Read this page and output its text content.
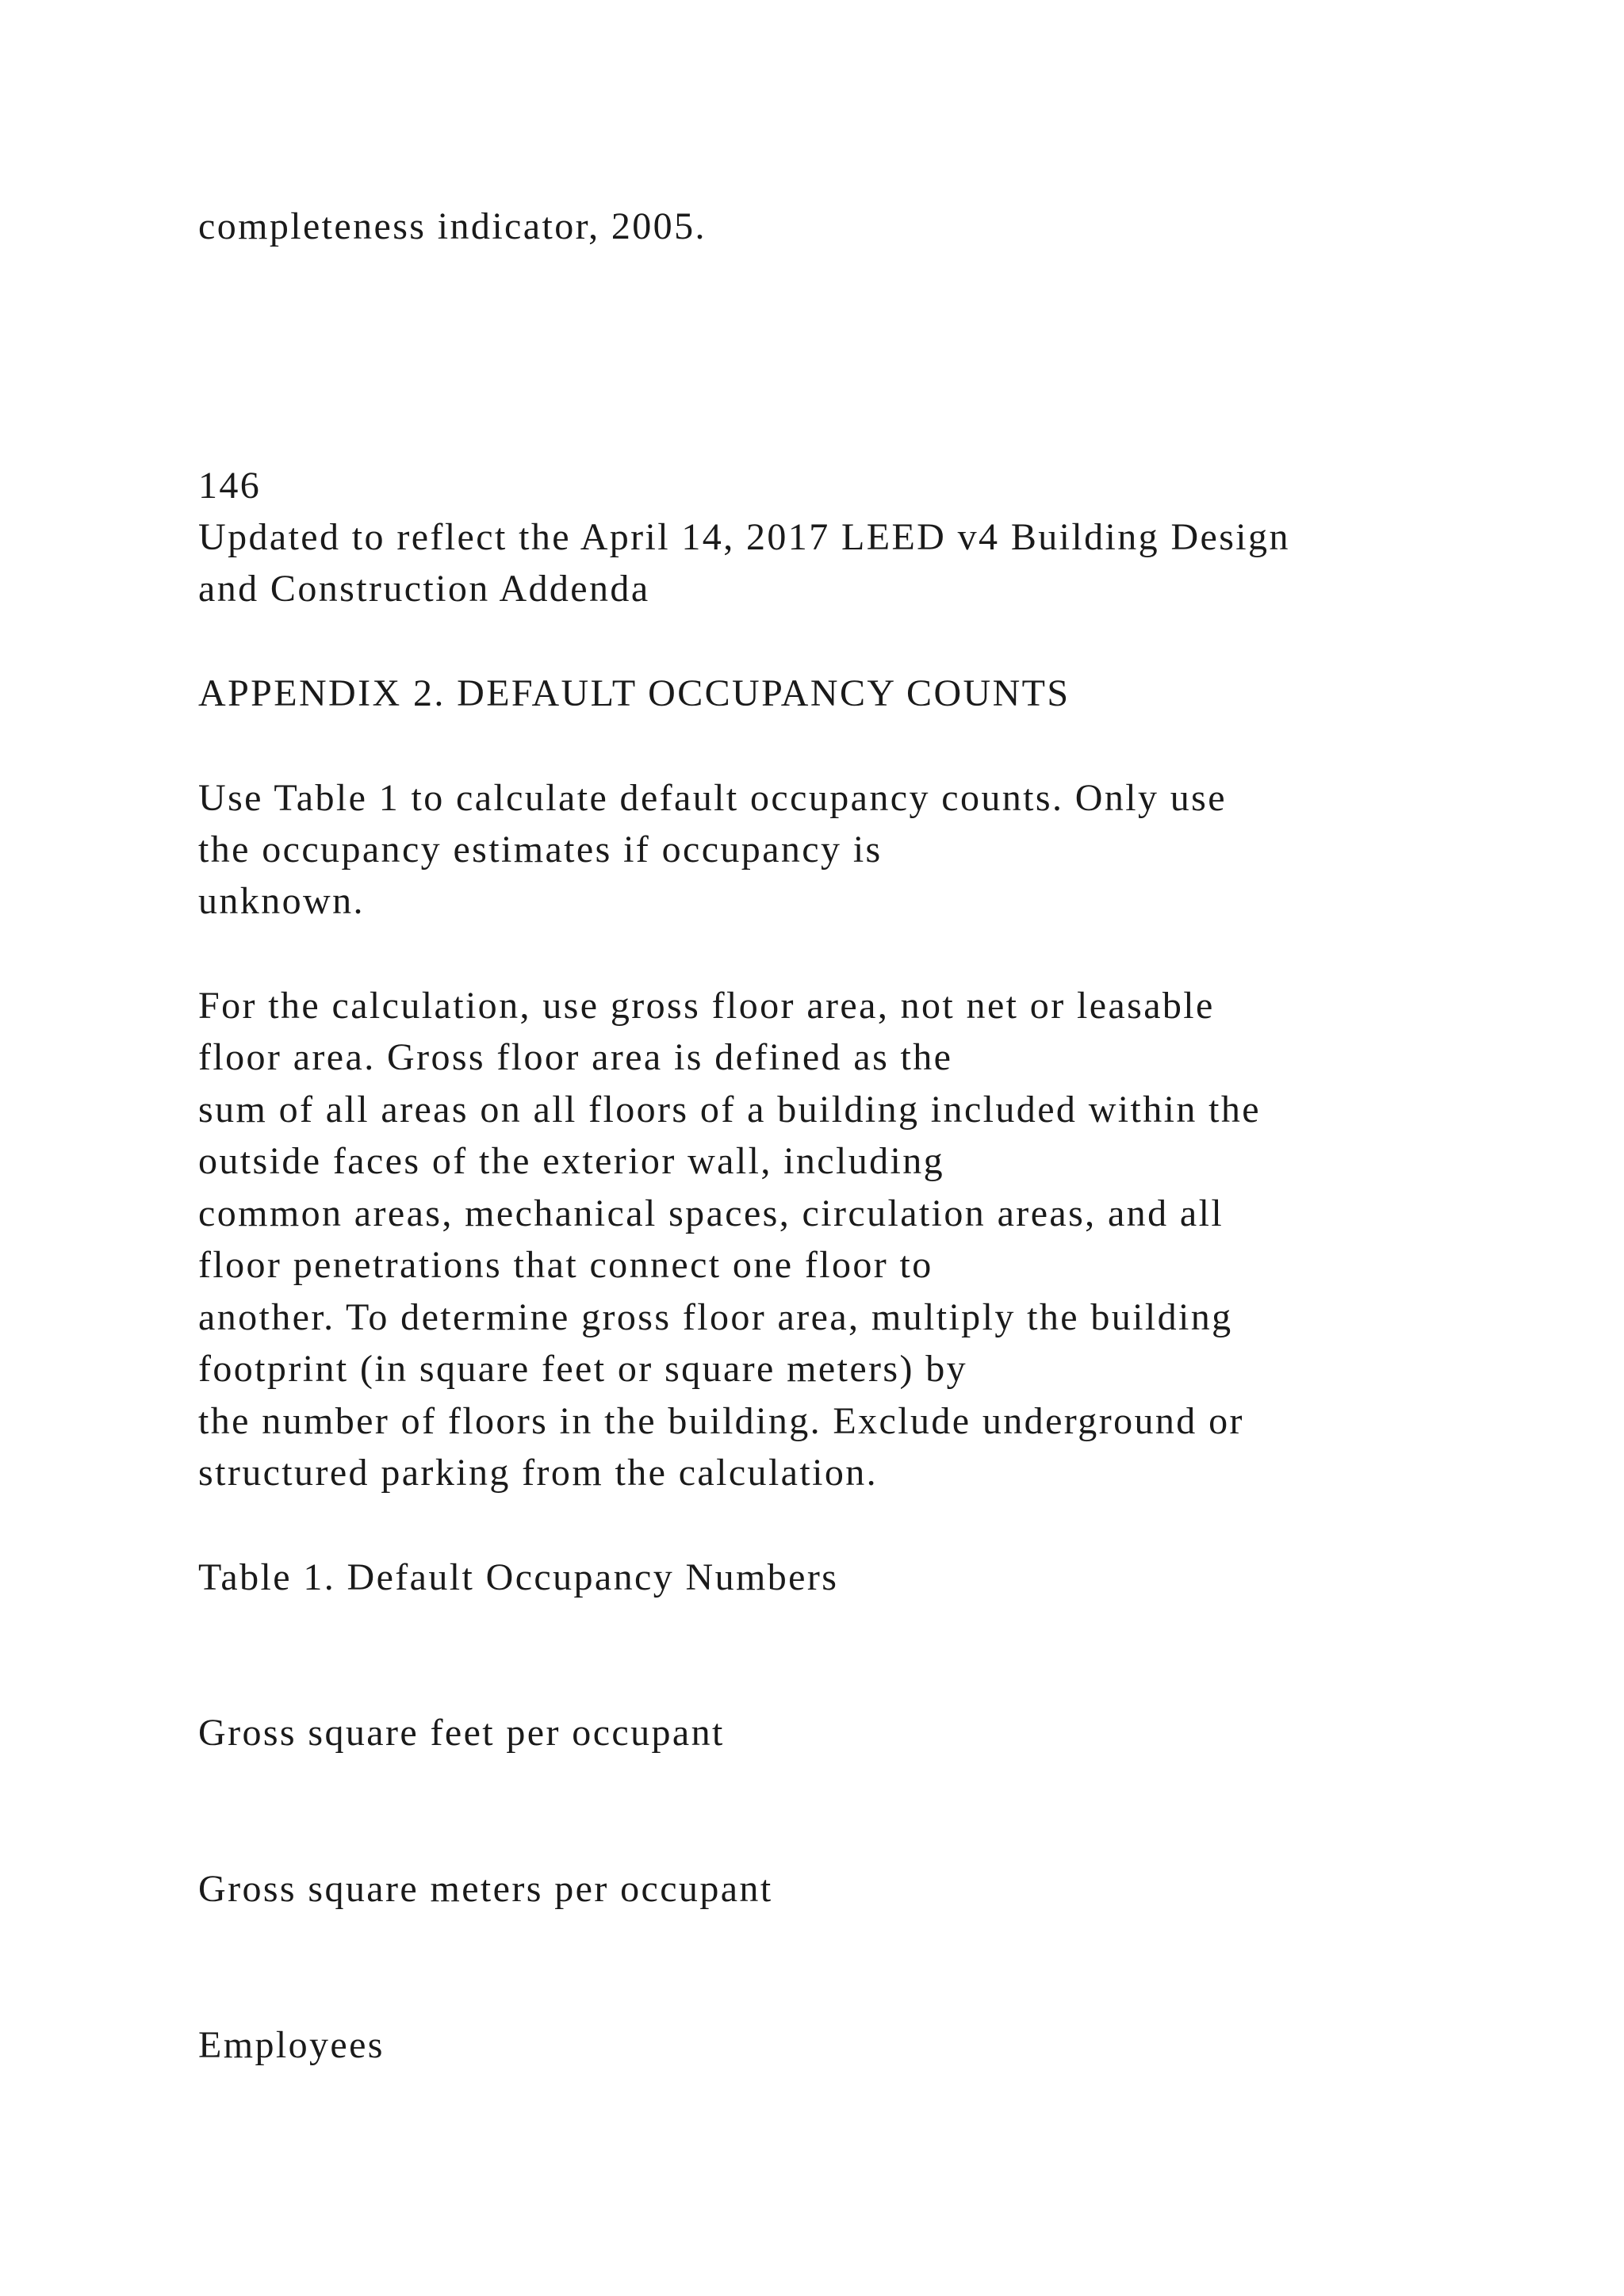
completeness indicator, 2005.

146

Updated to reflect the April 14, 2017 LEED v4 Building Design

and Construction Addenda

APPENDIX 2. DEFAULT OCCUPANCY COUNTS

Use Table 1 to calculate default occupancy counts. Only use

the occupancy estimates if occupancy is

unknown.

For the calculation, use gross floor area, not net or leasable

floor area. Gross floor area is defined as the

sum of all areas on all floors of a building included within the

outside faces of the exterior wall, including

common areas, mechanical spaces, circulation areas, and all

floor penetrations that connect one floor to

another. To determine gross floor area, multiply the building

footprint (in square feet or square meters) by

the number of floors in the building. Exclude underground or

structured parking from the calculation.

Table 1. Default Occupancy Numbers

Gross square feet per occupant

Gross square meters per occupant

Employees
